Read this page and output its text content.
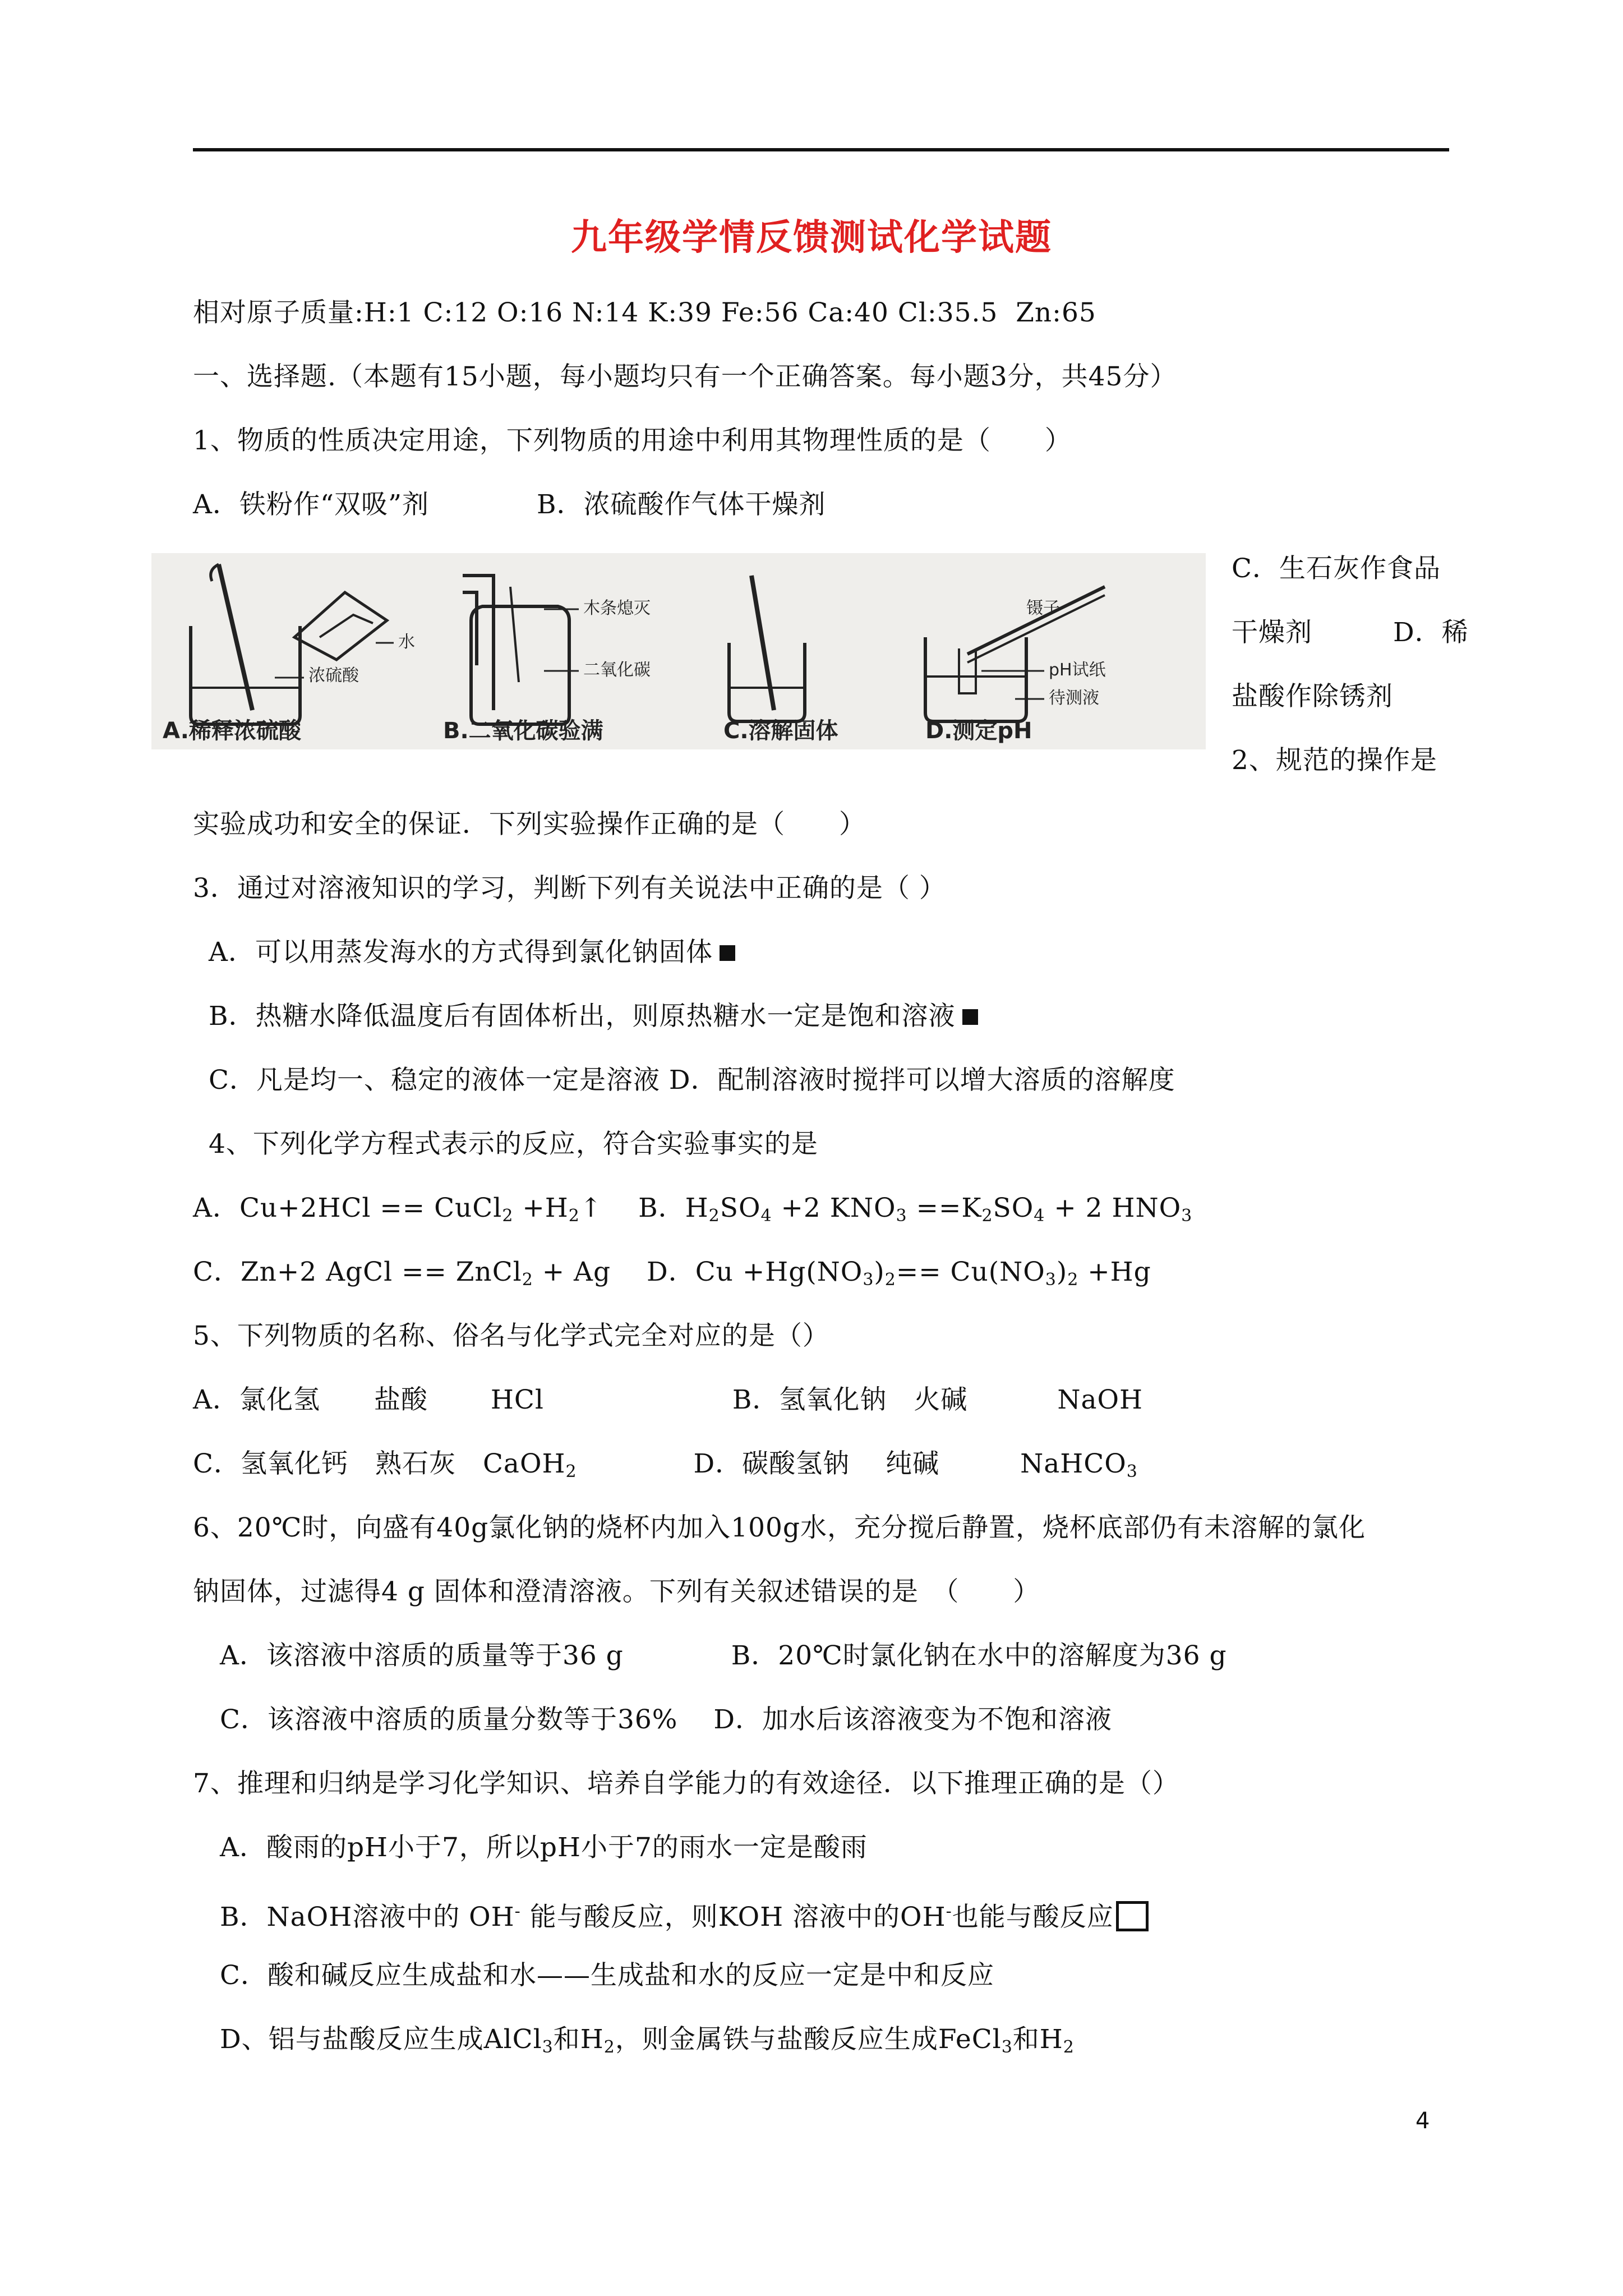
九年级学情反馈测试化学试题
相对原子质量:H:1 C:12 O:16 N:14 K:39 Fe:56 Ca:40 Cl:35.5  Zn:65
一、选择题.（本题有15小题，每小题均只有一个正确答案。每小题3分，共45分）
1、物质的性质决定用途，下列物质的用途中利用其物理性质的是（　　）
A．铁粉作“双吸”剂　　　　B．浓硫酸作气体干燥剂
水
浓硫酸
A.稀释浓硫酸
木条熄灭
二氧化碳
B.二氧化碳验满	C.溶解固体
镊子
pH试纸
待测液
D.测定pH
C．生石灰作食品
干燥剂　　　D．稀
盐酸作除锈剂
2、规范的操作是
实验成功和安全的保证．下列实验操作正确的是（　　）
3．通过对溶液知识的学习，判断下列有关说法中正确的是（ ）
A．可以用蒸发海水的方式得到氯化钠固体
B．热糖水降低温度后有固体析出，则原热糖水一定是饱和溶液
C．凡是均一、稳定的液体一定是溶液 D．配制溶液时搅拌可以增大溶质的溶解度
4、下列化学方程式表示的反应，符合实验事实的是
A．Cu+2HCl == CuCl$_2$ $+H_2↑$　 B．$H_2SO_4 +2$ $KNO_3 ==K_2SO_4 + 2$ $HNO_3$
C．Zn+2 AgCl == ZnCl$_2$ + Ag　 D．$Cu +Hg(NO_3)_2== Cu(NO_3)_2 +Hg$
5、下列物质的名称、俗名与化学式完全对应的是（）
A．氯化氢　　盐酸　　 HCl　　　　　　　B．氢氧化钠　火碱　　　 NaOH
C．氢氧化钙　熟石灰　CaOH$_2$　　　　 D．碳酸氢钠　 纯碱　　　NaHCO$_3$
6、20℃时，向盛有40g氯化钠的烧杯内加入100g水，充分搅后静置，烧杯底部仍有未溶解的氯化
钠固体，过滤得4 g 固体和澄清溶液。下列有关叙述错误的是　（　　）
A．该溶液中溶质的质量等于36 g　　　　B．20℃时氯化钠在水中的溶解度为36 g
C．该溶液中溶质的质量分数等于36%　 D．加水后该溶液变为不饱和溶液
7、推理和归纳是学习化学知识、培养自学能力的有效途径．以下推理正确的是（）
A．酸雨的pH小于7，所以pH小于7的雨水一定是酸雨
B．NaOH溶液中的 OH- 能与酸反应，则KOH 溶液中的OH-也能与酸反应
C．酸和碱反应生成盐和水——生成盐和水的反应一定是中和反应
D、铝与盐酸反应生成AlCl$_3$和$H_2$，则金属铁与盐酸反应生成FeCl$_3$和$H_2$
4
